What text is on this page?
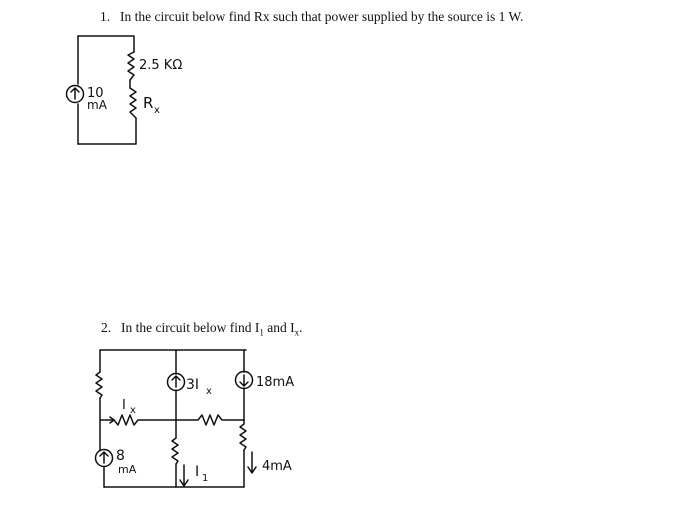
1. In the circuit below find Rx such that power supplied by the source is 1 W.
2. In the circuit below find $I_1$ and $I_x$.
10
mA
2.5 KΩ
R x
3I x
18mA
I x
8
mA	I 1
4mA
